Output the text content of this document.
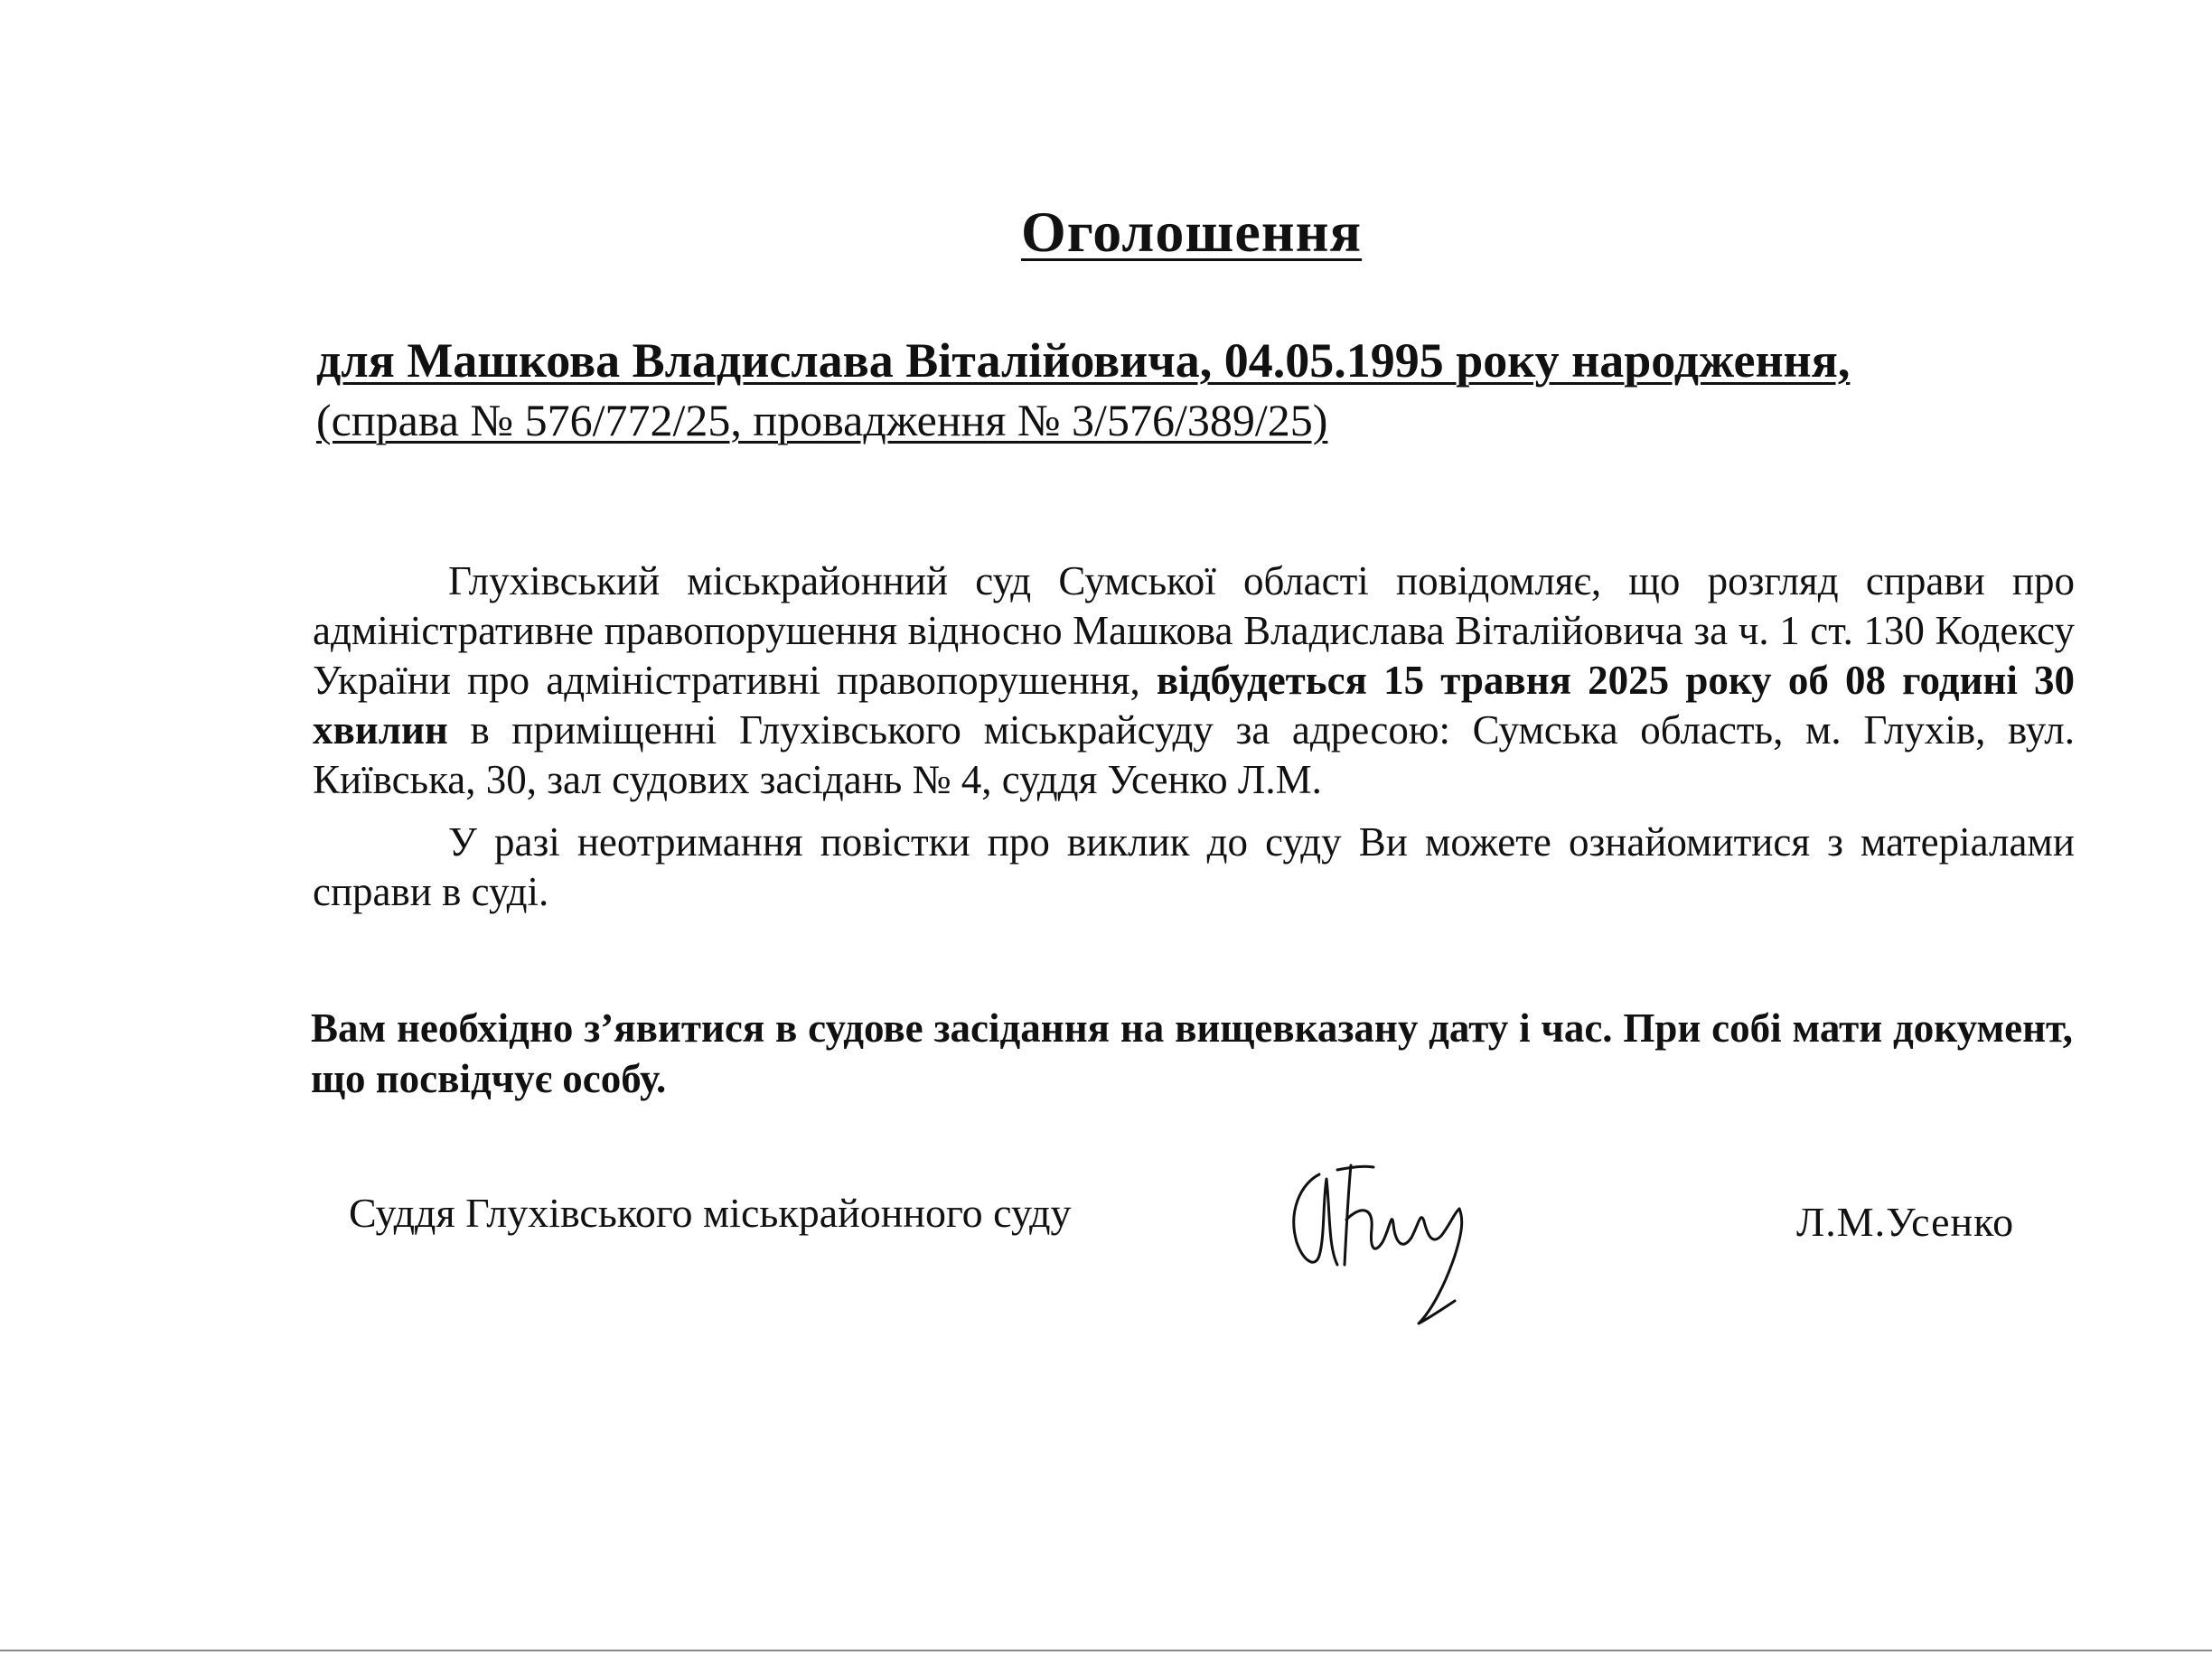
Оголошення
для Машкова Владислава Віталійовича, 04.05.1995 року народження,
(справа № 576/772/25, провадження № 3/576/389/25)

Глухівський міськрайонний суд Сумської області повідомляє, що розгляд справи про адміністративне правопорушення відносно Машкова Владислава Віталійовича за ч. 1 ст. 130 Кодексу України про адміністративні правопорушення, відбудеться 15 травня 2025 року об 08 годині 30 хвилин в приміщенні Глухівського міськрайсуду за адресою: Сумська область, м. Глухів, вул. Київська, 30, зал судових засідань № 4, суддя Усенко Л.М.

У разі неотримання повістки про виклик до суду Ви можете ознайомитися з матеріалами справи в суді.

Вам необхідно з’явитися в судове засідання на вищевказану дату і час. При собі мати документ, що посвідчує особу.
Суддя Глухівського міськрайонного суду	Л.М.Усенко
